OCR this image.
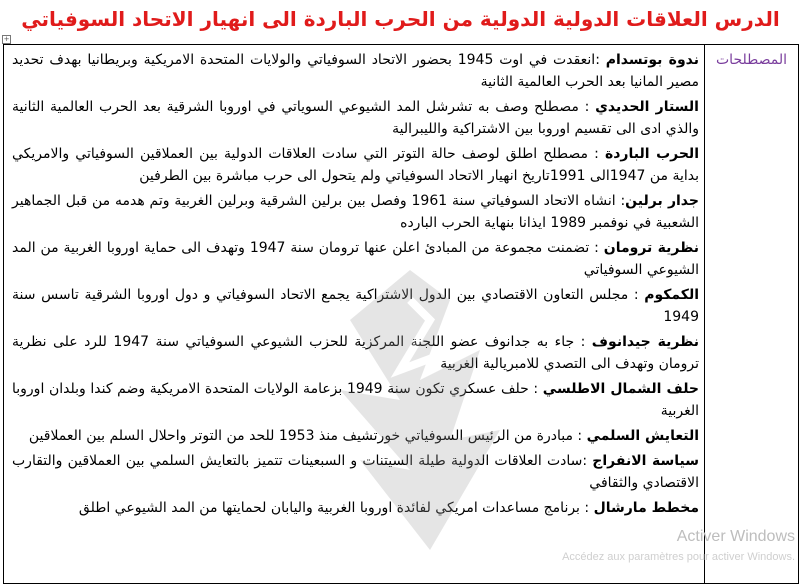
الدرس العلاقات الدولية الدولية من الحرب الباردة الى انهيار الاتحاد السوفياتي
+
المصطلحات

ندوة بوتسدام :انعقدت في اوت 1945 بحضور الاتحاد السوفياتي والولايات المتحدة الامريكية وبريطانيا بهدف تحديد مصير المانيا بعد الحرب العالمية الثانية

الستار الحديدي : مصطلح وصف به تشرشل المد الشيوعي السوياتي في اوروبا الشرقية بعد الحرب العالمية الثانية والذي ادى الى تقسيم اوروبا بين الاشتراكية والليبرالية

الحرب الباردة : مصطلح اطلق لوصف حالة التوتر التي سادت العلاقات الدولية بين العملاقين السوفياتي والامريكي بداية من 1947الى 1991تاريخ انهيار الاتحاد السوفياتي ولم يتحول الى حرب مباشرة بين الطرفين

جدار برلين: انشاه الاتحاد السوفياتي سنة 1961 وفصل بين برلين الشرقية وبرلين الغربية وتم هدمه من قبل الجماهير الشعبية في نوفمبر 1989 ايذانا بنهاية الحرب البارده

نظرية ترومان : تضمنت مجموعة من المبادئ اعلن عنها ترومان سنة 1947 وتهدف الى حماية اوروبا الغربية من المد الشيوعي السوفياتي

الكمكوم : مجلس التعاون الاقتصادي بين الدول الاشتراكية يجمع الاتحاد السوفياتي و دول اوروبا الشرقية تاسس سنة 1949

نظرية جيدانوف : جاء به جدانوف عضو اللجنة المركزية للحزب الشيوعي السوفياتي سنة 1947 للرد على نظرية ترومان وتهدف الى التصدي للامبريالية الغربية

حلف الشمال الاطلسي : حلف عسكري تكون سنة 1949 بزعامة الولايات المتحدة الامريكية وضم كندا وبلدان اوروبا الغربية

التعايش السلمي : مبادرة من الرئيس السوفياتي خورتشيف منذ 1953 للحد من التوتر واحلال السلم بين العملاقين

سياسة الانفراج :سادت العلاقات الدولية طيلة السيتنات و السبعينات تتميز بالتعايش السلمي بين العملاقين والتقارب الاقتصادي والثقافي

مخطط مارشال : برنامج مساعدات امريكي لفائدة اوروبا الغربية واليابان لحمايتها من المد الشيوعي اطلق

Activer Windows
Accédez aux paramètres pour activer Windows.
